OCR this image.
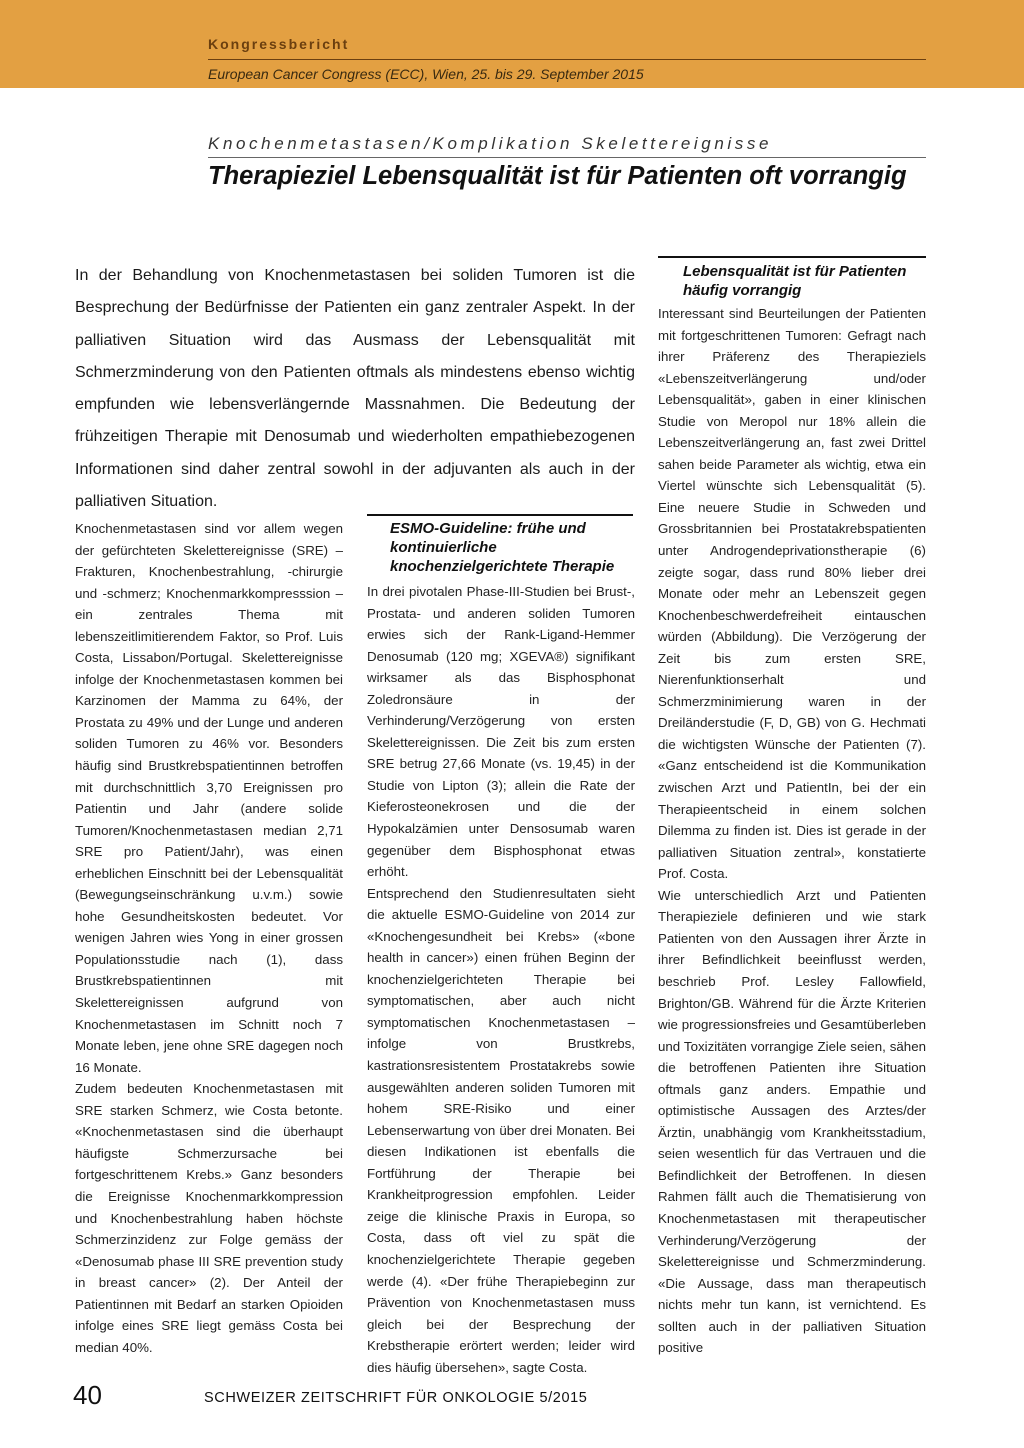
Kongressbericht
European Cancer Congress (ECC), Wien, 25. bis 29. September 2015
Knochenmetastasen/Komplikation Skelettereignisse
Therapieziel Lebensqualität ist für Patienten oft vorrangig
In der Behandlung von Knochenmetastasen bei soliden Tumoren ist die Besprechung der Bedürfnisse der Patienten ein ganz zentraler Aspekt. In der palliativen Situation wird das Ausmass der Lebensqualität mit Schmerzminderung von den Patienten oftmals als mindestens ebenso wichtig empfunden wie lebensverlängernde Massnahmen. Die Bedeutung der frühzeitigen Therapie mit Denosumab und wiederholten empathiebezogenen Informationen sind daher zentral sowohl in der adjuvanten als auch in der palliativen Situation.

Knochenmetastasen sind vor allem wegen der gefürchteten Skelettereignisse (SRE) – Frakturen, Knochenbestrahlung, -chirurgie und -schmerz; Knochenmarkkompresssion – ein zentrales Thema mit lebenszeitlimitierendem Faktor, so Prof. Luis Costa, Lissabon/Portugal. Skelettereignisse infolge der Knochenmetastasen kommen bei Karzinomen der Mamma zu 64%, der Prostata zu 49% und der Lunge und anderen soliden Tumoren zu 46% vor. Besonders häufig sind Brustkrebspatientinnen betroffen mit durchschnittlich 3,70 Ereignissen pro Patientin und Jahr (andere solide Tumoren/Knochenmetastasen median 2,71 SRE pro Patient/Jahr), was einen erheblichen Einschnitt bei der Lebensqualität (Bewegungseinschränkung u.v.m.) sowie hohe Gesundheitskosten bedeutet. Vor wenigen Jahren wies Yong in einer grossen Populationsstudie nach (1), dass Brustkrebspatientinnen mit Skelettereignissen aufgrund von Knochenmetastasen im Schnitt noch 7 Monate leben, jene ohne SRE dagegen noch 16 Monate.

Zudem bedeuten Knochenmetastasen mit SRE starken Schmerz, wie Costa betonte. «Knochenmetastasen sind die überhaupt häufigste Schmerzursache bei fortgeschrittenem Krebs.» Ganz besonders die Ereignisse Knochenmarkkompression und Knochenbestrahlung haben höchste Schmerzinzidenz zur Folge gemäss der «Denosumab phase III SRE prevention study in breast cancer» (2). Der Anteil der Patientinnen mit Bedarf an starken Opioiden infolge eines SRE liegt gemäss Costa bei median 40%.

ESMO-Guideline: frühe und kontinuierliche knochenzielgerichtete Therapie

In drei pivotalen Phase-III-Studien bei Brust-, Prostata- und anderen soliden Tumoren erwies sich der Rank-Ligand-Hemmer Denosumab (120 mg; XGEVA®) signifikant wirksamer als das Bisphosphonat Zoledronsäure in der Verhinderung/Verzögerung von ersten Skelettereignissen. Die Zeit bis zum ersten SRE betrug 27,66 Monate (vs. 19,45) in der Studie von Lipton (3); allein die Rate der Kieferosteonekrosen und die der Hypokalzämien unter Densosumab waren gegenüber dem Bisphosphonat etwas erhöht.

Entsprechend den Studienresultaten sieht die aktuelle ESMO-Guideline von 2014 zur «Knochengesundheit bei Krebs» («bone health in cancer») einen frühen Beginn der knochenzielgerichteten Therapie bei symptomatischen, aber auch nicht symptomatischen Knochenmetastasen – infolge von Brustkrebs, kastrationsresistentem Prostatakrebs sowie ausgewählten anderen soliden Tumoren mit hohem SRE-Risiko und einer Lebenserwartung von über drei Monaten. Bei diesen Indikationen ist ebenfalls die Fortführung der Therapie bei Krankheitprogression empfohlen. Leider zeige die klinische Praxis in Europa, so Costa, dass oft viel zu spät die knochenzielgerichtete Therapie gegeben werde (4). «Der frühe Therapiebeginn zur Prävention von Knochenmetastasen muss gleich bei der Besprechung der Krebstherapie erörtert werden; leider wird dies häufig übersehen», sagte Costa.

Lebensqualität ist für Patienten häufig vorrangig

Interessant sind Beurteilungen der Patienten mit fortgeschrittenen Tumoren: Gefragt nach ihrer Präferenz des Therapieziels «Lebenszeitverlängerung und/oder Lebensqualität», gaben in einer klinischen Studie von Meropol nur 18% allein die Lebenszeitverlängerung an, fast zwei Drittel sahen beide Parameter als wichtig, etwa ein Viertel wünschte sich Lebensqualität (5). Eine neuere Studie in Schweden und Grossbritannien bei Prostatakrebspatienten unter Androgendeprivationstherapie (6) zeigte sogar, dass rund 80% lieber drei Monate oder mehr an Lebenszeit gegen Knochenbeschwerdefreiheit eintauschen würden (Abbildung). Die Verzögerung der Zeit bis zum ersten SRE, Nierenfunktionserhalt und Schmerzminimierung waren in der Dreiländerstudie (F, D, GB) von G. Hechmati die wichtigsten Wünsche der Patienten (7). «Ganz entscheidend ist die Kommunikation zwischen Arzt und PatientIn, bei der ein Therapieentscheid in einem solchen Dilemma zu finden ist. Dies ist gerade in der palliativen Situation zentral», konstatierte Prof. Costa.

Wie unterschiedlich Arzt und Patienten Therapieziele definieren und wie stark Patienten von den Aussagen ihrer Ärzte in ihrer Befindlichkeit beeinflusst werden, beschrieb Prof. Lesley Fallowfield, Brighton/GB. Während für die Ärzte Kriterien wie progressionsfreies und Gesamtüberleben und Toxizitäten vorrangige Ziele seien, sähen die betroffenen Patienten ihre Situation oftmals ganz anders. Empathie und optimistische Aussagen des Arztes/der Ärztin, unabhängig vom Krankheitsstadium, seien wesentlich für das Vertrauen und die Befindlichkeit der Betroffenen. In diesen Rahmen fällt auch die Thematisierung von Knochenmetastasen mit therapeutischer Verhinderung/Verzögerung der Skelettereignisse und Schmerzminderung. «Die Aussage, dass man therapeutisch nichts mehr tun kann, ist vernichtend. Es sollten auch in der palliativen Situation positive

40	SCHWEIZER ZEITSCHRIFT FÜR ONKOLOGIE 5/2015
